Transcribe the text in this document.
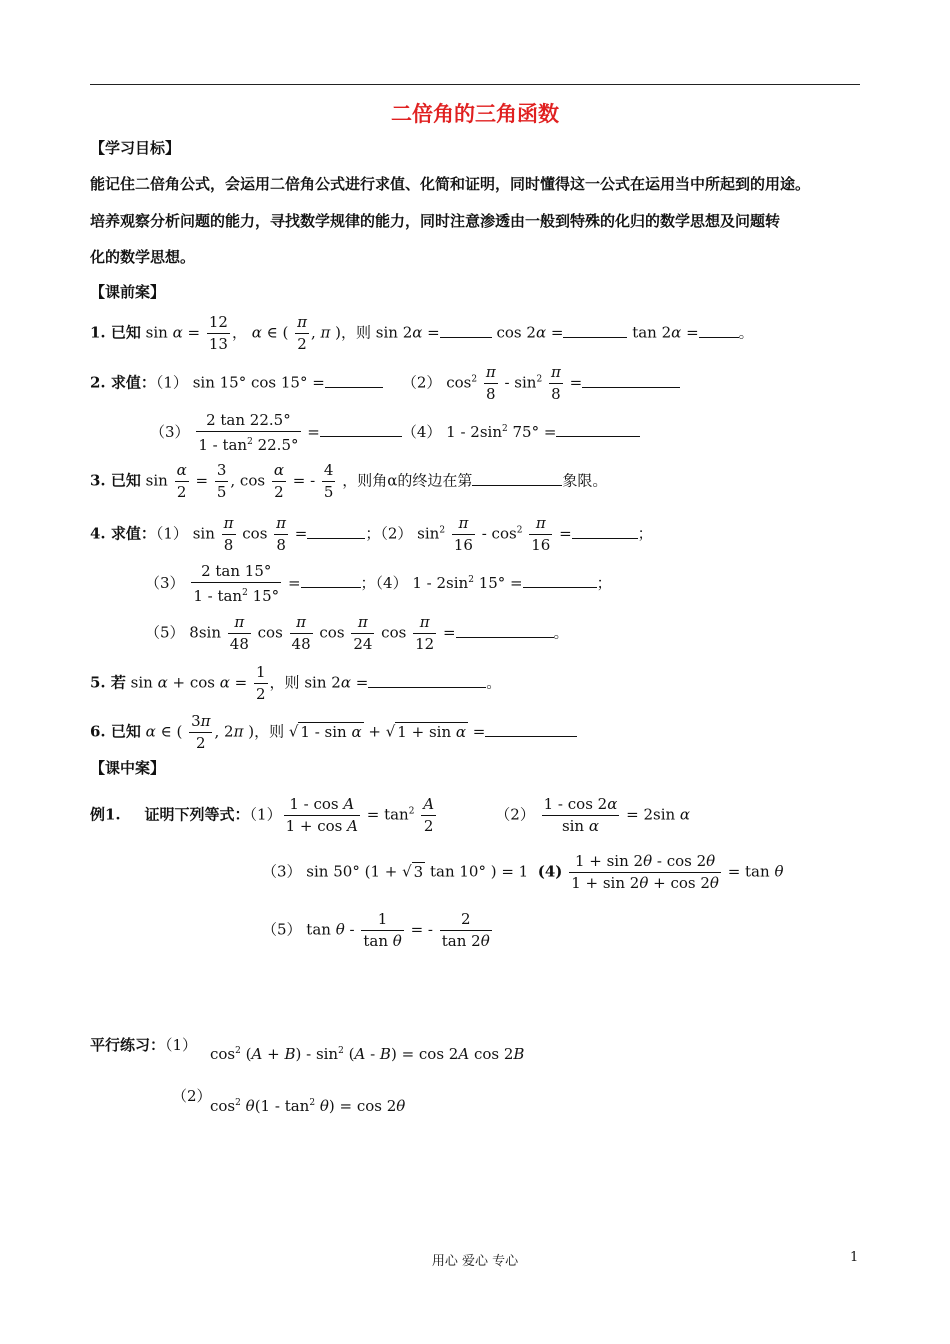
二倍角的三角函数
【学习目标】
能记住二倍角公式，会运用二倍角公式进行求值、化简和证明，同时懂得这一公式在运用当中所起到的用途。
培养观察分析问题的能力，寻找数学规律的能力，同时注意渗透由一般到特殊的化归的数学思想及问题转
化的数学思想。
【课前案】
1. 已知 $\sin \alpha = \frac{12}{13}$ ， α ∈ ( $\frac{\pi}{2}$ , π )，则 sin 2α =	cos 2α =	tan 2α =	。
2. 求值：（1） sin 15° cos 15° =	（2） $\cos^2 \frac{\pi}{8} - \sin^2 \frac{\pi}{8}$ =
$(3) \frac{2 \tan 22.5^\circ}{1 - \tan^2 22.5^\circ}$ =	（4） $1 - 2\sin^2$ 75° =
3. 已知 $\sin \frac{\alpha}{2} = \frac{3}{5}$ , $\cos \frac{\alpha}{2}$ = - $\frac{4}{5}$ ，则角α的终边在第	象限。
4. 求值：（1） $\sin \frac{\pi}{8}$ $\cos \frac{\pi}{8}$ =	；（2） $\sin^2 \frac{\pi}{16} - \cos^2 \frac{\pi}{16}$ =	；
$(3) \frac{2 \tan 15^\circ}{1 - \tan^2 15^\circ}$ =	；（4） $1 - 2\sin^2$ 15° =	；
（5） $8\sin \frac{\pi}{48}$ $\cos \frac{\pi}{48}$ $\cos \frac{\pi}{24}$ $\cos \frac{\pi}{12}$ =	。
5. 若 $\sin \alpha + \cos \alpha = \frac{1}{2}$ ，则 sin 2α =	。
6. 已知 α ∈ ( $\frac{3\pi}{2}$ , 2π )，则 √ 1 - sin α + √ 1 + sin α =
【课中案】
例1. 证明下列等式：$(1) \frac{\text{1 - cos A}}{\text{1 + cos A}} = \tan^2 \frac{A}{2} (2) \frac{1 - \cos 2\alpha}{\text{sin α}} = 2\sin$ α
（3） sin 50° (1 + √ 3 tan 10° ) = 1  $(4) \frac{1 + \sin 2\theta - \cos 2\theta}{1 + \sin 2\theta + \cos 2\theta} = \tan \theta$
（5） tan θ - $\frac{1}{\text{tan θ}}$ = - $\frac{2}{\tan 2\theta}$
平行练习：（1） $\cos^2 (A + B) - \sin^2 (A - B) = \cos 2A$ cos 2B
（2）
$\cos^2 \theta(1 - \tan^2 \theta) = \cos 2\theta$
用心 爱心 专心	1
